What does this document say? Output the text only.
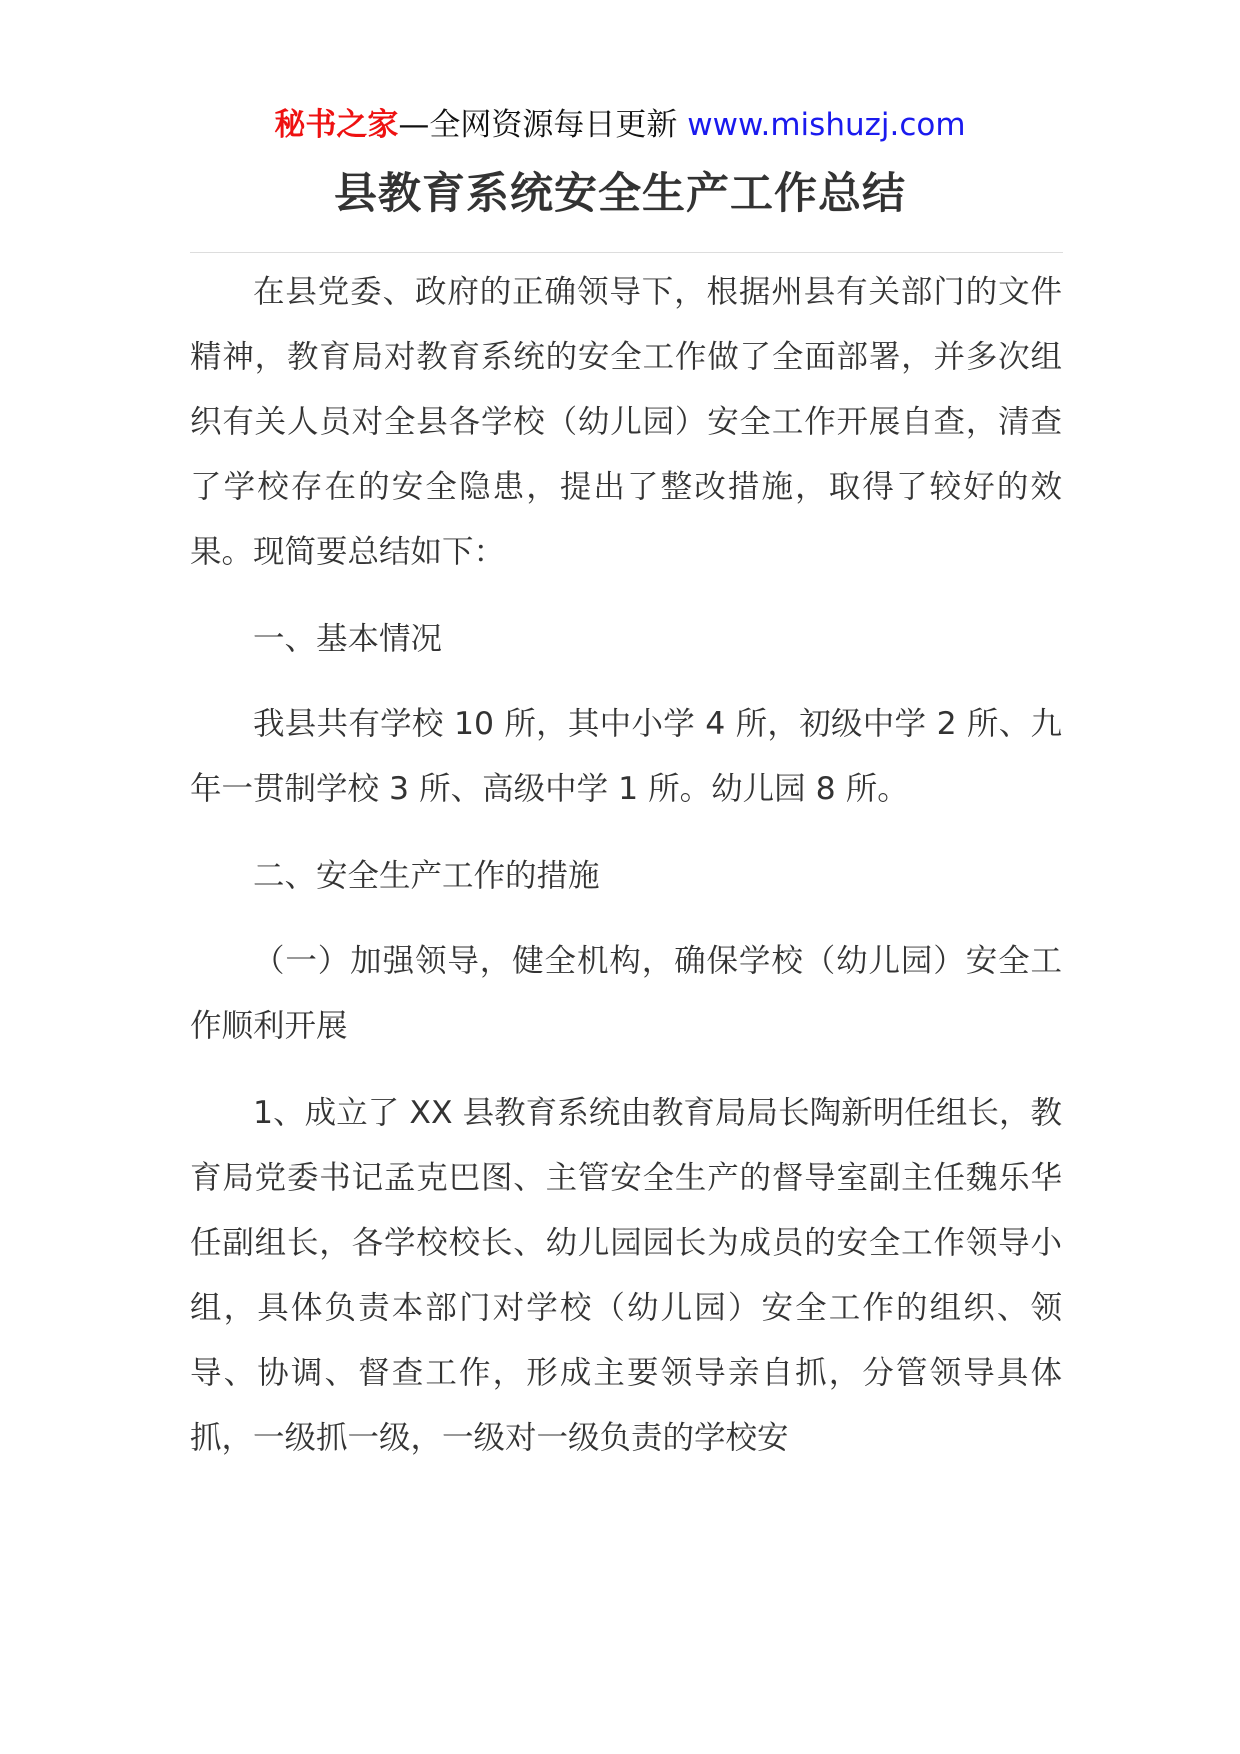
秘书之家—全网资源每日更新 www.mishuzj.com
县教育系统安全生产工作总结

在县党委、政府的正确领导下，根据州县有关部门的文件精神，教育局对教育系统的安全工作做了全面部署，并多次组织有关人员对全县各学校（幼儿园）安全工作开展自查，清查了学校存在的安全隐患，提出了整改措施，取得了较好的效果。现简要总结如下：

一、基本情况

我县共有学校 10 所，其中小学 4 所，初级中学 2 所、九年一贯制学校 3 所、高级中学 1 所。幼儿园 8 所。

二、安全生产工作的措施

（一）加强领导，健全机构，确保学校（幼儿园）安全工作顺利开展

1、成立了 XX 县教育系统由教育局局长陶新明任组长，教育局党委书记孟克巴图、主管安全生产的督导室副主任魏乐华任副组长，各学校校长、幼儿园园长为成员的安全工作领导小组，具体负责本部门对学校（幼儿园）安全工作的组织、领导、协调、督查工作，形成主要领导亲自抓，分管领导具体抓，一级抓一级，一级对一级负责的学校安
